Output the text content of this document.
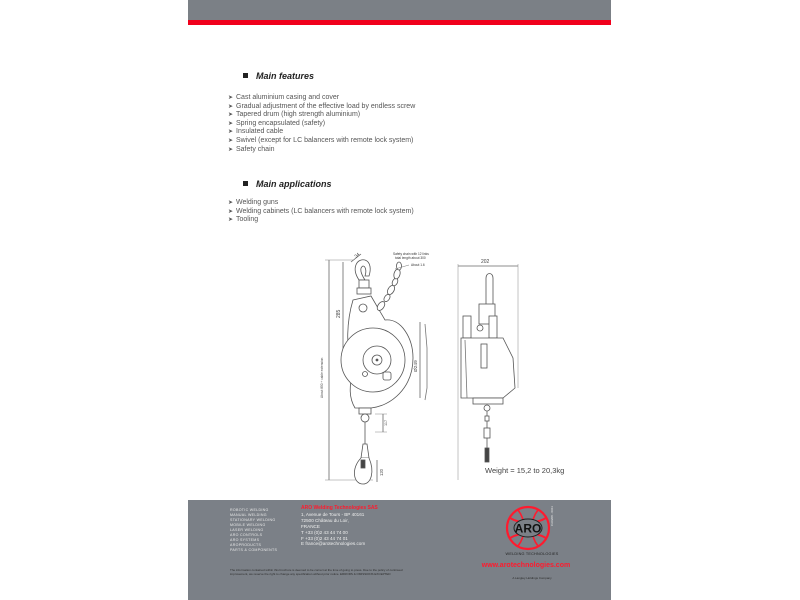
Main features
➤ Cast aluminium casing and cover
➤ Gradual adjustment of the effective load by endless screw
➤ Tapered drum (high strength aluminium)
➤ Spring encapsulated (safety)
➤ Insulated cable
➤ Swivel (except for LC balancers with remote lock system)
➤ Safety chain
Main applications
➤ Welding guns
➤ Welding cabinets (LC balancers with remote lock system)
➤ Tooling
About 850 + cable extension
285
34	Safety chain with 12 links
total length about 300
About 1.6
Ø249
117
120
202
Weight = 15,2 to 20,3kg
ROBOTIC WELDING
MANUAL WELDING
STATIONARY WELDING
MOBILE WELDING
LASER WELDING
ARO CONTROLS
ARO SYSTEMS
AROPRODUCTS
PARTS & COMPONENTS
ARO Welding Technologies SAS
1, Avenue de Tours - BP 40161
72500 Château du Loir,
FRANCE
T +33 (0)2 43 44 74 00
F +33 (0)2 43 44 74 01
E france@arotechnologies.com
ARO
CA0208 - 0911
WELDING TECHNOLOGIES
www.arotechnologies.com
A Langley Holdings Company
The information contained within this brochure is deemed to be correct at the time of going to press. Due to the policy of continued improvement, we reserve the right to change any specification without prior notice. ERRORS & OMISSIONS EXCEPTED
